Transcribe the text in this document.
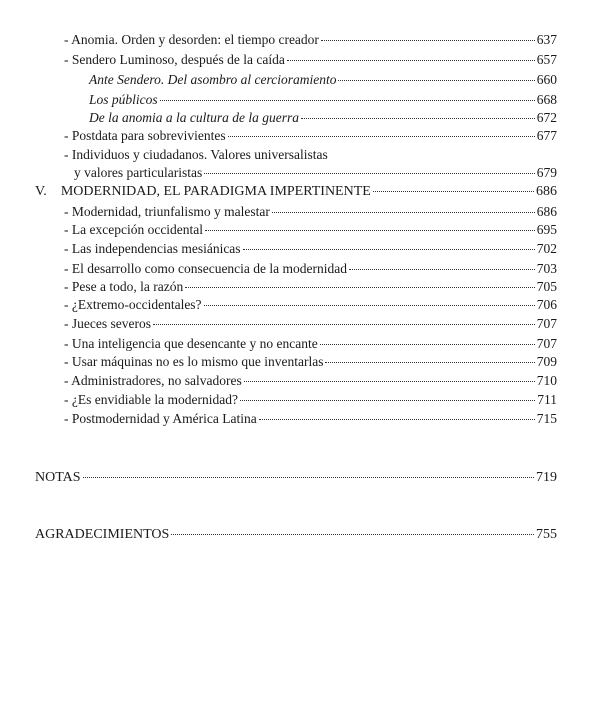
- Anomia. Orden y desorden: el tiempo creador	637
- Sendero Luminoso, después de la caída	657
Ante Sendero. Del asombro al cercioramiento	660
Los públicos	668
De la anomia a la cultura de la guerra	672
- Postdata para sobrevivientes	677
- Individuos y ciudadanos. Valores universalistas
y valores particularistas	679
V. MODERNIDAD, EL PARADIGMA IMPERTINENTE	686
- Modernidad, triunfalismo y malestar	686
- La excepción occidental	695
- Las independencias mesiánicas	702
- El desarrollo como consecuencia de la modernidad	703
- Pese a todo, la razón	705
- ¿Extremo-occidentales?	706
- Jueces severos	707
- Una inteligencia que desencante y no encante	707
- Usar máquinas no es lo mismo que inventarlas	709
- Administradores, no salvadores	710
- ¿Es envidiable la modernidad?	711
- Postmodernidad y América Latina	715
NOTAS	719
AGRADECIMIENTOS	755
